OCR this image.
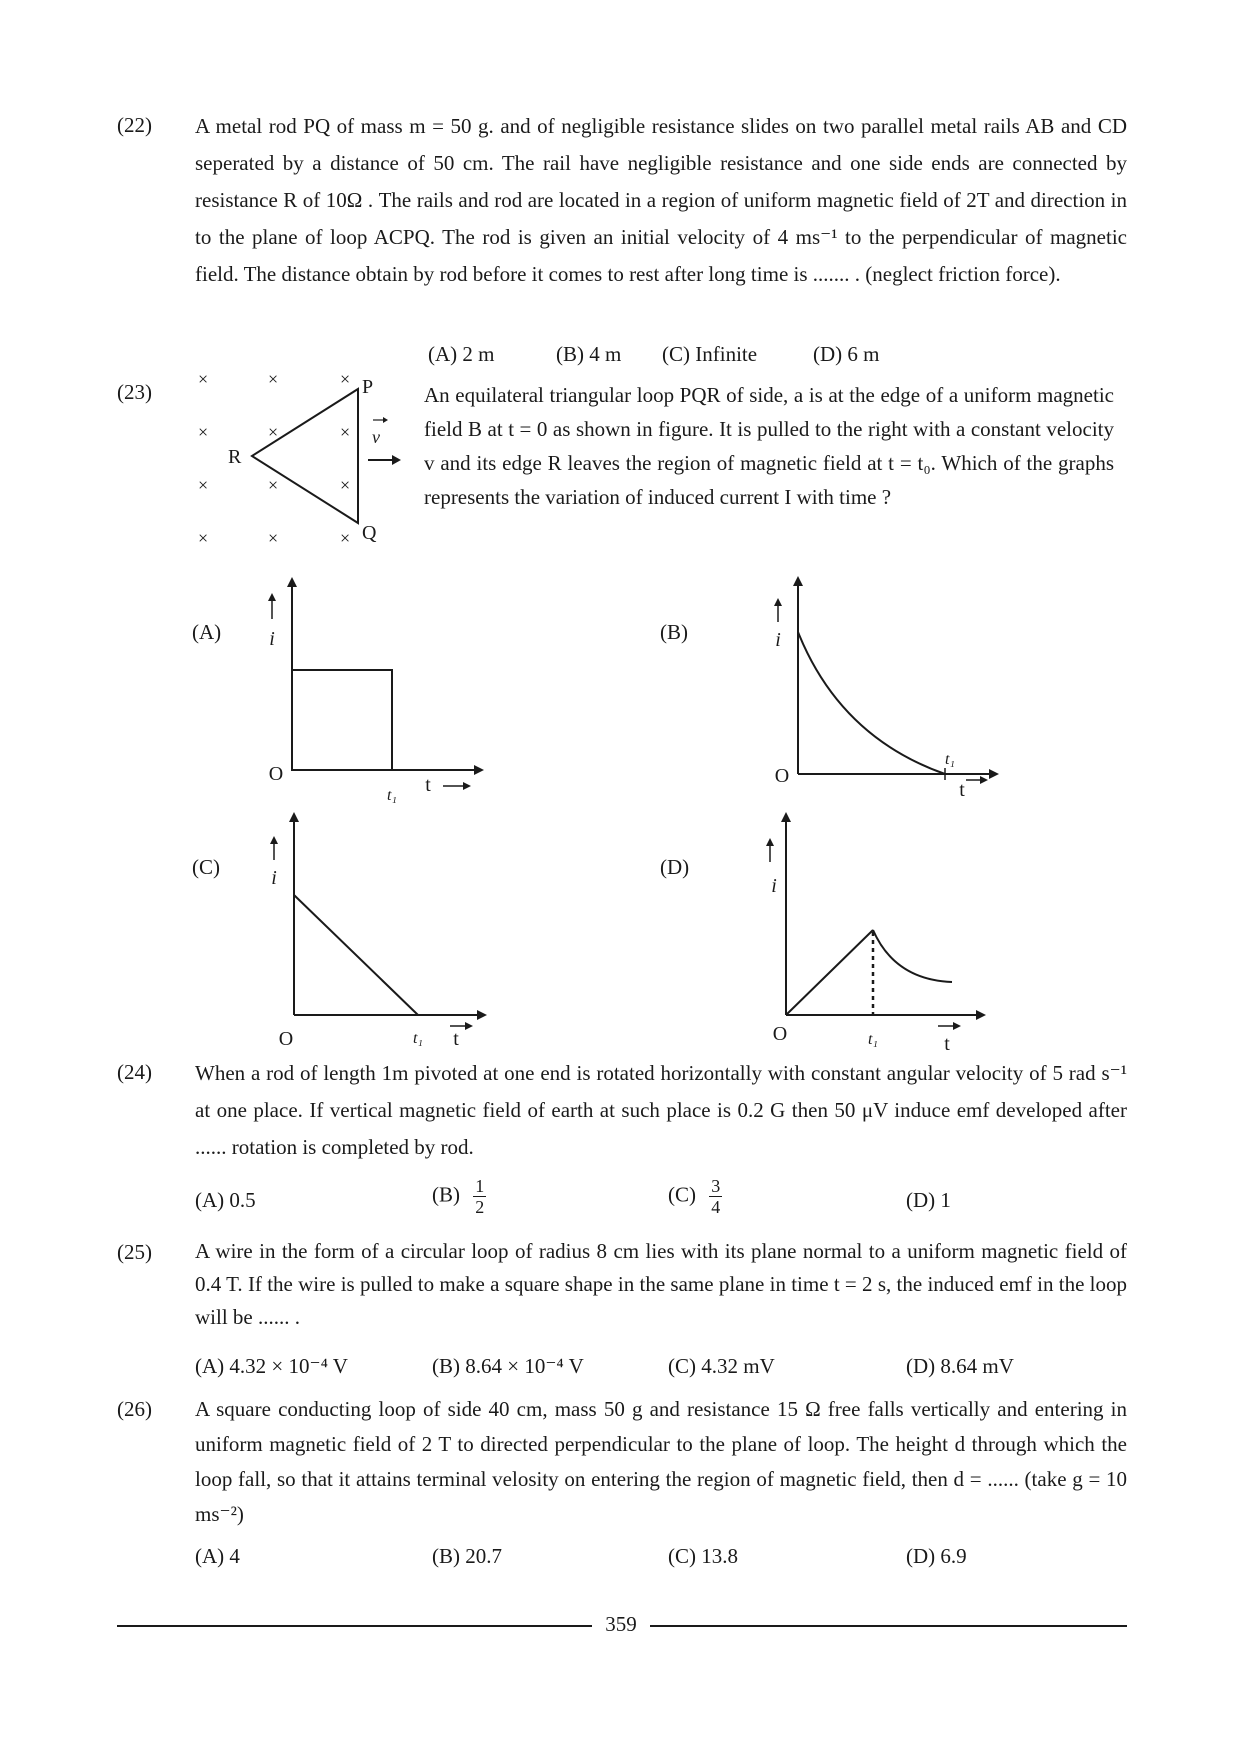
(22)	A metal rod PQ of mass m = 50 g. and of negligible resistance slides on two parallel metal rails AB and CD seperated by a distance of 50 cm. The rail have negligible resistance and one side ends are connected by resistance R of 10Ω . The rails and rod are located in a region of uniform magnetic field of 2T and direction in to the plane of loop ACPQ. The rod is given an initial velocity of 4 ms⁻¹ to the perpendicular of magnetic field. The distance obtain by rod before it comes to rest after long time is ....... . (neglect friction force).

(A) 2 m	(B) 4 m (C) Infinite	(D) 6 m
(23)	An equilateral triangular loop PQR of side, a is at the edge of a uniform magnetic field B at t = 0 as shown in figure. It is pulled to the right with a constant velocity v and its edge R leaves the region of magnetic field at t = t₀. Which of the graphs represents the variation of induced current I with time ?
×	×	×
×	×	×
×	×	×
×	×	×
P
Q
R
v
(A)	(B)
(C)	(D)
i
O
t₁ t
i
t₁
O
t
i
O	t₁ t
i
O	t₁	t
(24)	When a rod of length 1m pivoted at one end is rotated horizontally with constant angular velocity of 5 rad s⁻¹ at one place. If vertical magnetic field of earth at such place is 0.2 G then 50 μV induce emf developed after ...... rotation is completed by rod.

(A) 0.5	$(B) \frac{1}{2}$	$(C) \frac{3}{4}$	(D) 1
(25)	A wire in the form of a circular loop of radius 8 cm lies with its plane normal to a uniform magnetic field of 0.4 T. If the wire is pulled to make a square shape in the same plane in time t = 2 s, the induced emf in the loop will be ...... .

(A) 4.32 × 10⁻⁴ V	(B) 8.64 × 10⁻⁴ V	(C) 4.32 mV	(D) 8.64 mV
(26)	A square conducting loop of side 40 cm, mass 50 g and resistance 15 Ω free falls vertically and entering in uniform magnetic field of 2 T to directed perpendicular to the plane of loop. The height d through which the loop fall, so that it attains terminal velosity on entering the region of magnetic field, then d = ...... (take g = 10 ms⁻²)

(A) 4	(B) 20.7	(C) 13.8	(D) 6.9
359
